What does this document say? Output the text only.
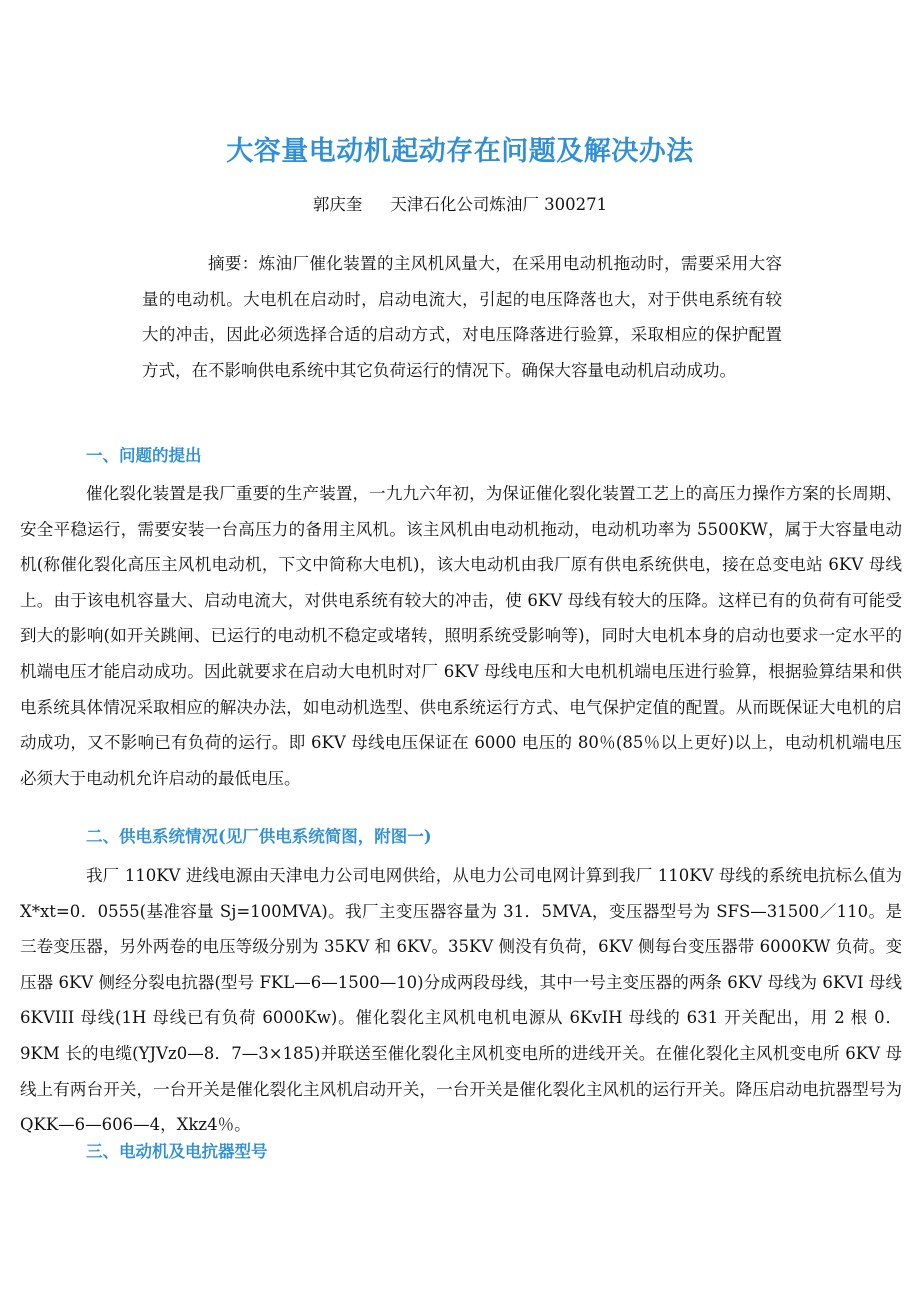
大容量电动机起动存在问题及解决办法
郭庆奎 天津石化公司炼油厂 300271

摘要：炼油厂催化装置的主风机风量大，在采用电动机拖动时，需要采用大容量的电动机。大电机在启动时，启动电流大，引起的电压降落也大，对于供电系统有较大的冲击，因此必须选择合适的启动方式，对电压降落进行验算，采取相应的保护配置方式，在不影响供电系统中其它负荷运行的情况下。确保大容量电动机启动成功。

一、问题的提出

催化裂化装置是我厂重要的生产装置，一九九六年初，为保证催化裂化装置工艺上的高压力操作方案的长周期、安全平稳运行，需要安装一台高压力的备用主风机。该主风机由电动机拖动，电动机功率为 5500KW，属于大容量电动机(称催化裂化高压主风机电动机，下文中简称大电机)，该大电动机由我厂原有供电系统供电，接在总变电站 6KV 母线上。由于该电机容量大、启动电流大，对供电系统有较大的冲击，使 6KV 母线有较大的压降。这样已有的负荷有可能受到大的影响(如开关跳闸、已运行的电动机不稳定或堵转，照明系统受影响等)，同时大电机本身的启动也要求一定水平的机端电压才能启动成功。因此就要求在启动大电机时对厂 6KV 母线电压和大电机机端电压进行验算，根据验算结果和供电系统具体情况采取相应的解决办法，如电动机选型、供电系统运行方式、电气保护定值的配置。从而既保证大电机的启动成功，又不影响已有负荷的运行。即 6KV 母线电压保证在 6000 电压的 80％(85％以上更好)以上，电动机机端电压必须大于电动机允许启动的最低电压。

二、供电系统情况(见厂供电系统简图，附图一)

我厂 110KV 进线电源由天津电力公司电网供给，从电力公司电网计算到我厂 110KV 母线的系统电抗标么值为 X*xt=0．0555(基准容量 Sj=100MVA)。我厂主变压器容量为 31．5MVA，变压器型号为 SFS—31500／110。是三卷变压器，另外两卷的电压等级分别为 35KV 和 6KV。35KV 侧没有负荷，6KV 侧每台变压器带 6000KW 负荷。变压器 6KV 侧经分裂电抗器(型号 FKL—6—1500—10)分成两段母线，其中一号主变压器的两条 6KV 母线为 6KVI 母线 6KVIII 母线(1H 母线已有负荷 6000Kw)。催化裂化主风机电机电源从 6KvIH 母线的 631 开关配出，用 2 根 0．9KM 长的电缆(YJVz0—8．7—3×185)并联送至催化裂化主风机变电所的进线开关。在催化裂化主风机变电所 6KV 母线上有两台开关，一台开关是催化裂化主风机启动开关，一台开关是催化裂化主风机的运行开关。降压启动电抗器型号为 QKK—6—606—4，Xkz4％。

三、电动机及电抗器型号
